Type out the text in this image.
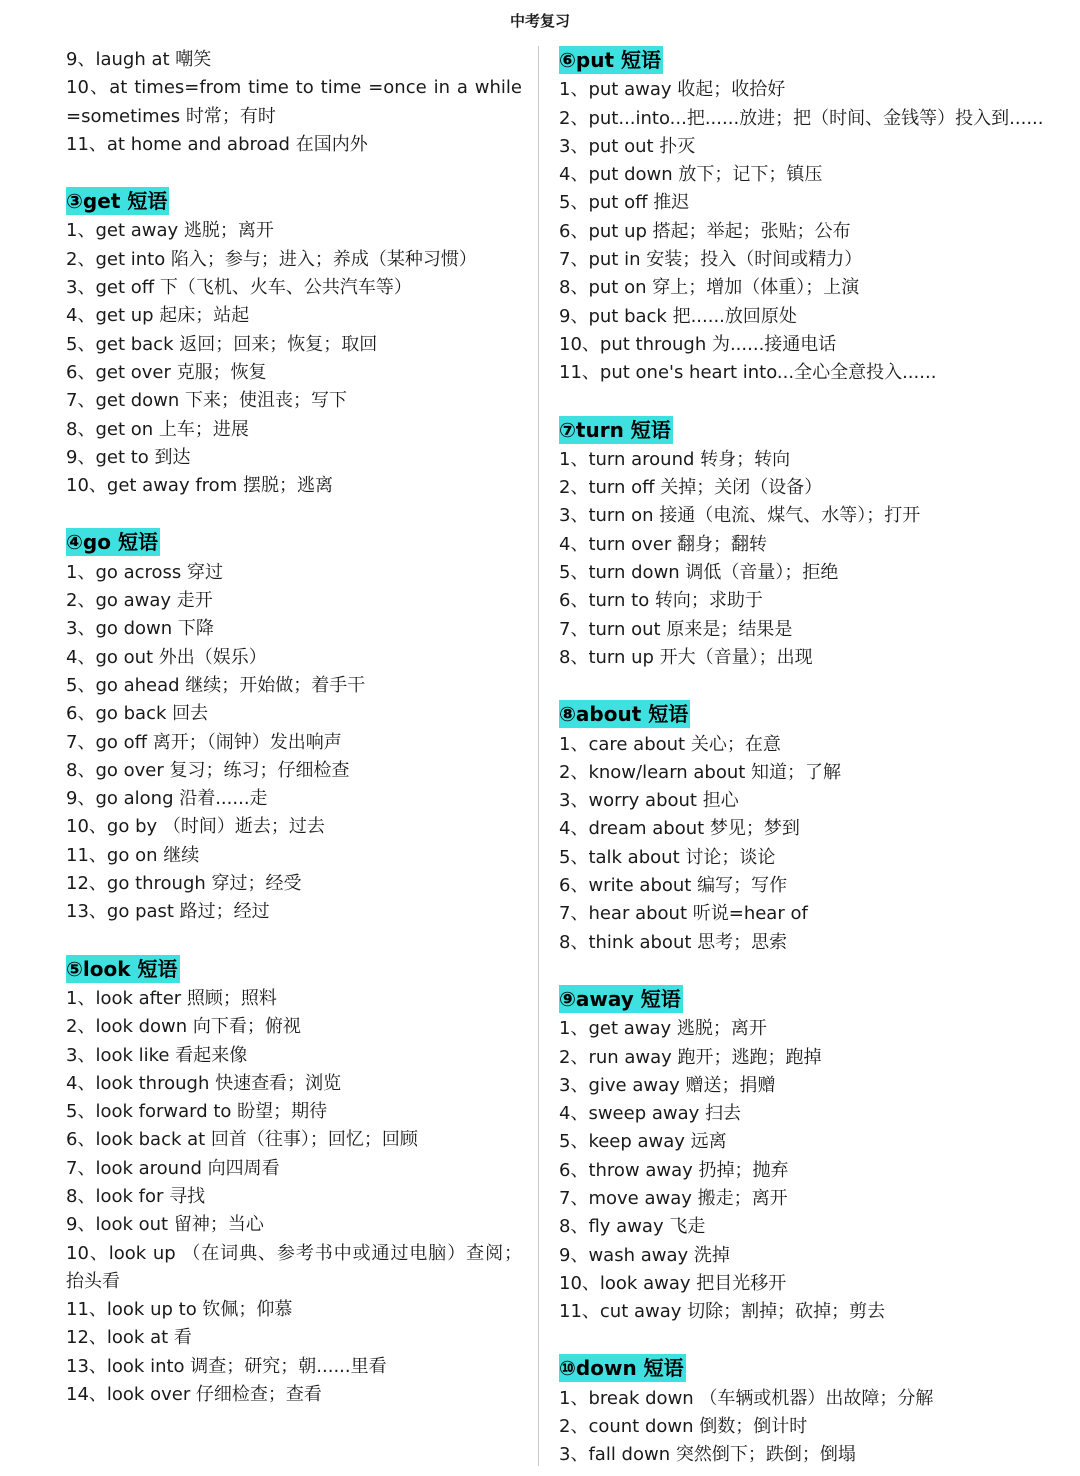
中考复习
9、laugh at 嘲笑
10、at times=from time to time =once in a while
=sometimes 时常；有时
11、at home and abroad 在国内外
③get 短语
1、get away 逃脱；离开
2、get into 陷入；参与；进入；养成（某种习惯）
3、get off 下（飞机、火车、公共汽车等）
4、get up 起床；站起
5、get back 返回；回来；恢复；取回
6、get over 克服；恢复
7、get down 下来；使沮丧；写下
8、get on 上车；进展
9、get to 到达
10、get away from 摆脱；逃离
④go 短语
1、go across 穿过
2、go away 走开
3、go down 下降
4、go out 外出（娱乐）
5、go ahead 继续；开始做；着手干
6、go back 回去
7、go off 离开；（闹钟）发出响声
8、go over 复习；练习；仔细检查
9、go along 沿着......走
10、go by （时间）逝去；过去
11、go on 继续
12、go through 穿过；经受
13、go past 路过；经过
⑤look 短语
1、look after 照顾；照料
2、look down 向下看；俯视
3、look like 看起来像
4、look through 快速查看；浏览
5、look forward to 盼望；期待
6、look back at 回首（往事）；回忆；回顾
7、look around 向四周看
8、look for 寻找
9、look out 留神；当心
10、look up （在词典、参考书中或通过电脑）查阅；
抬头看
11、look up to 钦佩；仰慕
12、look at 看
13、look into 调查；研究；朝......里看
14、look over 仔细检查；查看
⑥put 短语
1、put away 收起；收拾好
2、put...into...把......放进；把（时间、金钱等）投入到......
3、put out 扑灭
4、put down 放下；记下；镇压
5、put off 推迟
6、put up 搭起；举起；张贴；公布
7、put in 安装；投入（时间或精力）
8、put on 穿上；增加（体重）；上演
9、put back 把......放回原处
10、put through 为......接通电话
11、put one's heart into...全心全意投入......
⑦turn 短语
1、turn around 转身；转向
2、turn off 关掉；关闭（设备）
3、turn on 接通（电流、煤气、水等）；打开
4、turn over 翻身；翻转
5、turn down 调低（音量）；拒绝
6、turn to 转向；求助于
7、turn out 原来是；结果是
8、turn up 开大（音量）；出现
⑧about 短语
1、care about 关心；在意
2、know/learn about 知道；了解
3、worry about 担心
4、dream about 梦见；梦到
5、talk about 讨论；谈论
6、write about 编写；写作
7、hear about 听说=hear of
8、think about 思考；思索
⑨away 短语
1、get away 逃脱；离开
2、run away 跑开；逃跑；跑掉
3、give away 赠送；捐赠
4、sweep away 扫去
5、keep away 远离
6、throw away 扔掉；抛弃
7、move away 搬走；离开
8、fly away 飞走
9、wash away 洗掉
10、look away 把目光移开
11、cut away 切除；割掉；砍掉；剪去
⑩down 短语
1、break down （车辆或机器）出故障；分解
2、count down 倒数；倒计时
3、fall down 突然倒下；跌倒；倒塌
